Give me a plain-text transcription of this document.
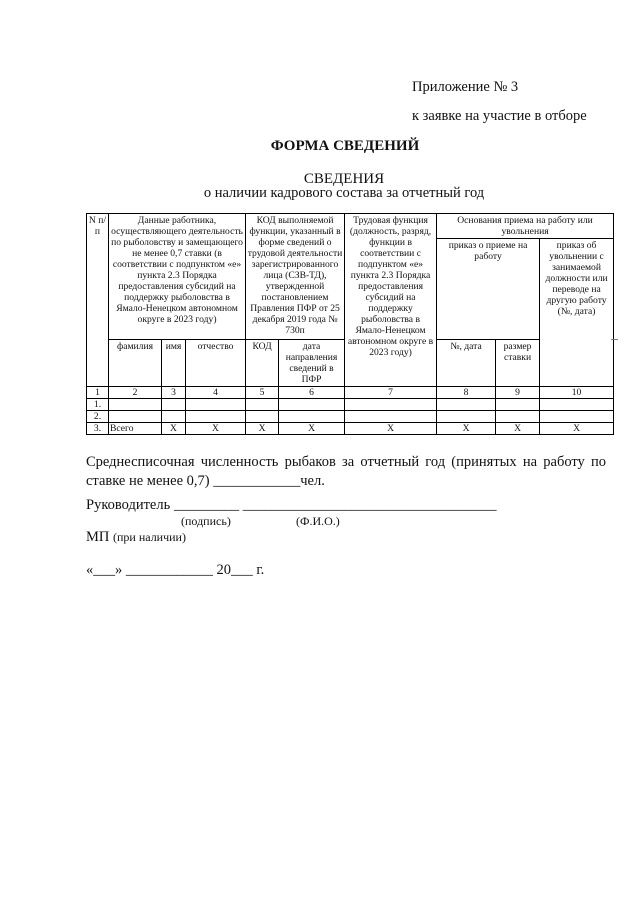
Приложение № 3
к заявке на участие в отборе
ФОРМА СВЕДЕНИЙ
СВЕДЕНИЯ
о наличии кадрового состава за отчетный год
N п/п	Данные работника, осуществляющего деятельность по рыболовству и замещающего не менее 0,7 ставки (в соответствии с подпунктом «е» пункта 2.3 Порядка предоставления субсидий на поддержку рыболовства в Ямало-Ненецком автономном округе в 2023 году)			КОД выполняемой функции, указанный в форме сведений о трудовой деятельности зарегистрированного лица (СЗВ-ТД), утвержденной постановлением Правления ПФР от 25 декабря 2019 года № 730п		Трудовая функция (должность, разряд, функции в соответствии с подпунктом «е» пункта 2.3 Порядка предоставления субсидий на поддержку рыболовства в Ямало-Ненецком автономном округе в 2023 году)	Основания приема на работу или увольнения		
							приказ о приеме на работу		приказ об увольнении с занимаемой должности или переводе на другую работу (№, дата)
	фамилия	имя	отчество	КОД	дата направления сведений в ПФР		№, дата	размер ставки	
1	2	3	4	5	6	7	8	9	10
1.									
2.									
3.	Всего	X	X	X	X	X	X	X	X
Среднесписочная численность рыбаков за отчетный год (принятых на работу по ставке не менее 0,7) ____________чел.
Руководитель _________ ___________________________________
(подпись)	(Ф.И.О.)
МП (при наличии)
«___» ____________ 20___ г.
